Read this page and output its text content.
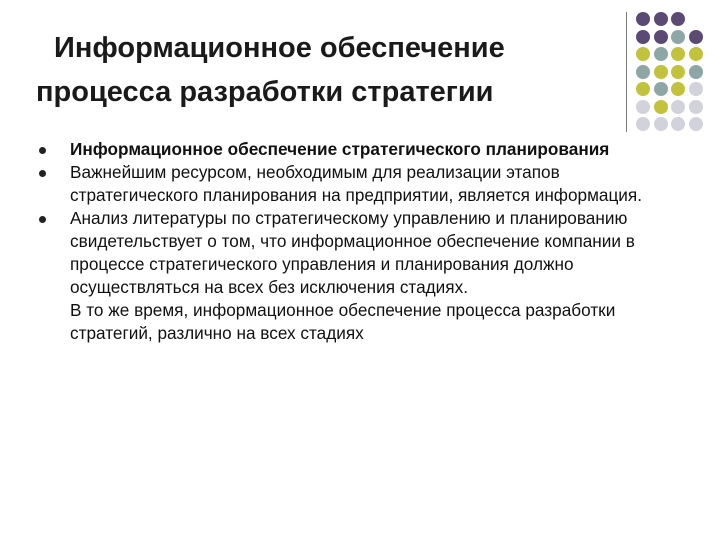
Информационное обеспечение
процесса разработки стратегии
Информационное обеспечение стратегического планирования
Важнейшим ресурсом, необходимым для реализации этапов стратегического планирования на предприятии, является информация.
Анализ литературы по стратегическому управлению и планированию свидетельствует о том, что информационное обеспечение компании в процессе стратегического управления и планирования должно осуществляться на всех без исключения стадиях.
В то же время, информационное обеспечение процесса разработки стратегий, различно на всех стадиях
